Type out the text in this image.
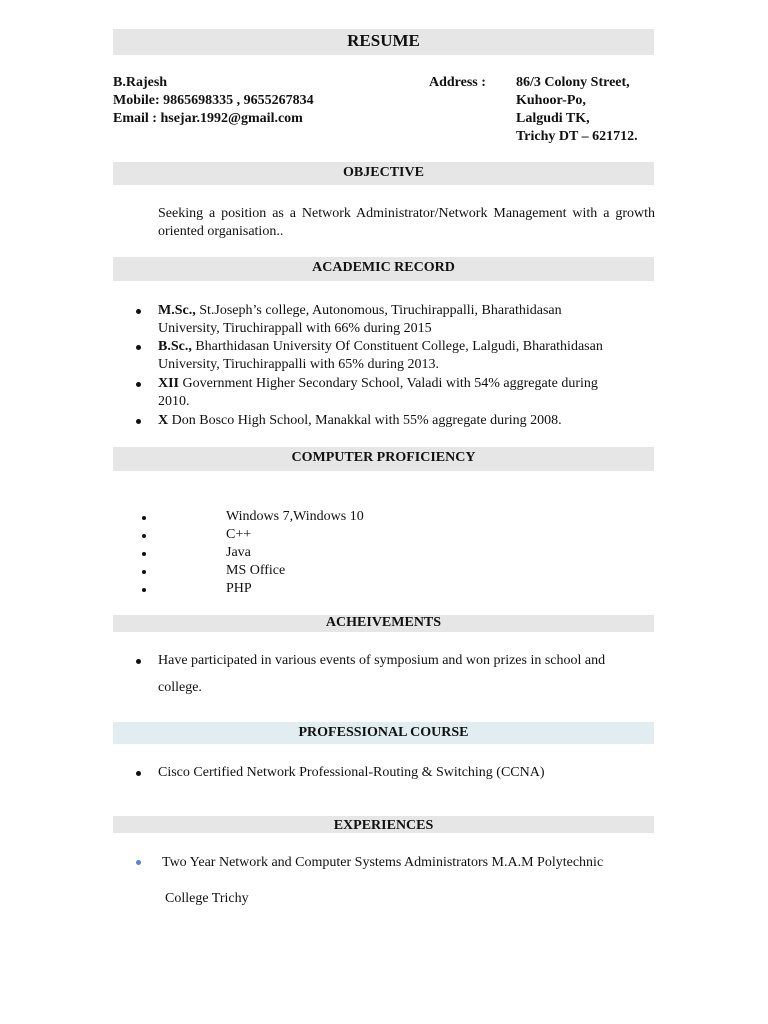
RESUME
B.Rajesh
Mobile: 9865698335 , 9655267834
Email : hsejar.1992@gmail.com
Address : 86/3 Colony Street,
Kuhoor-Po,
Lalgudi TK,
Trichy DT – 621712.
OBJECTIVE
Seeking a position as a Network Administrator/Network Management with a growth oriented organisation..
ACADEMIC RECORD
M.Sc., St.Joseph’s college, Autonomous, Tiruchirappalli, Bharathidasan
University, Tiruchirappall with 66% during 2015
B.Sc., Bharthidasan University Of Constituent College, Lalgudi, Bharathidasan
University, Tiruchirappalli with 65% during 2013.
XII Government Higher Secondary School, Valadi with 54% aggregate during
2010.
X Don Bosco High School, Manakkal with 55% aggregate during 2008.
COMPUTER PROFICIENCY
Windows 7,Windows 10
C++
Java
MS Office
PHP
ACHEIVEMENTS
Have participated in various events of symposium and won prizes in school and
college.
PROFESSIONAL COURSE
Cisco Certified Network Professional-Routing & Switching (CCNA)
EXPERIENCES
Two Year Network and Computer Systems Administrators M.A.M Polytechnic
College Trichy
